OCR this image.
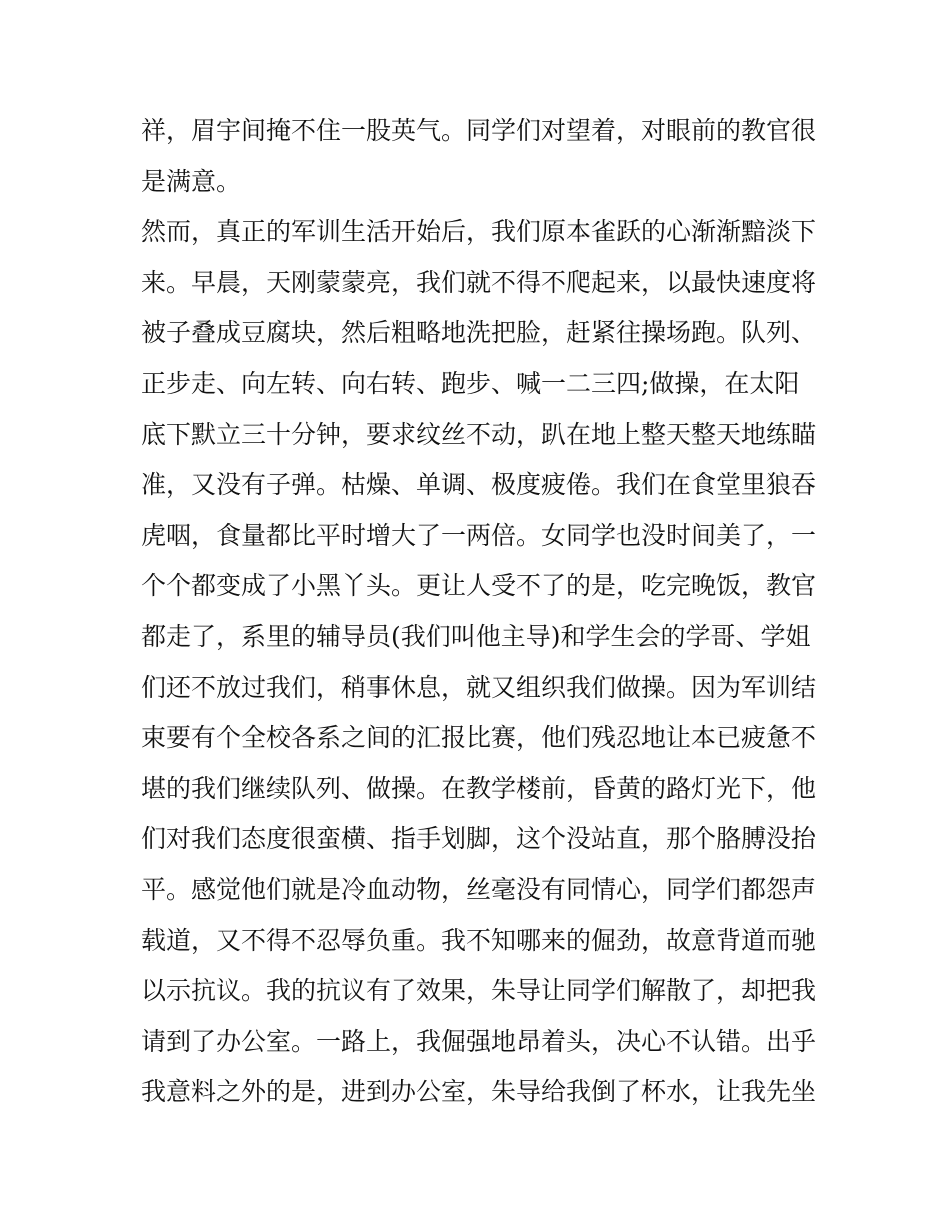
祥，眉宇间掩不住一股英气。同学们对望着，对眼前的教官很
是满意。
然而，真正的军训生活开始后，我们原本雀跃的心渐渐黯淡下
来。早晨，天刚蒙蒙亮，我们就不得不爬起来，以最快速度将
被子叠成豆腐块，然后粗略地洗把脸，赶紧往操场跑。队列、
正步走、向左转、向右转、跑步、喊一二三四;做操，在太阳
底下默立三十分钟，要求纹丝不动，趴在地上整天整天地练瞄
准，又没有子弹。枯燥、单调、极度疲倦。我们在食堂里狼吞
虎咽，食量都比平时增大了一两倍。女同学也没时间美了，一
个个都变成了小黑丫头。更让人受不了的是，吃完晚饭，教官
都走了，系里的辅导员(我们叫他主导)和学生会的学哥、学姐
们还不放过我们，稍事休息，就又组织我们做操。因为军训结
束要有个全校各系之间的汇报比赛，他们残忍地让本已疲惫不
堪的我们继续队列、做操。在教学楼前，昏黄的路灯光下，他
们对我们态度很蛮横、指手划脚，这个没站直，那个胳膊没抬
平。感觉他们就是冷血动物，丝毫没有同情心，同学们都怨声
载道，又不得不忍辱负重。我不知哪来的倔劲，故意背道而驰
以示抗议。我的抗议有了效果，朱导让同学们解散了，却把我
请到了办公室。一路上，我倔强地昂着头，决心不认错。出乎
我意料之外的是，进到办公室，朱导给我倒了杯水，让我先坐
